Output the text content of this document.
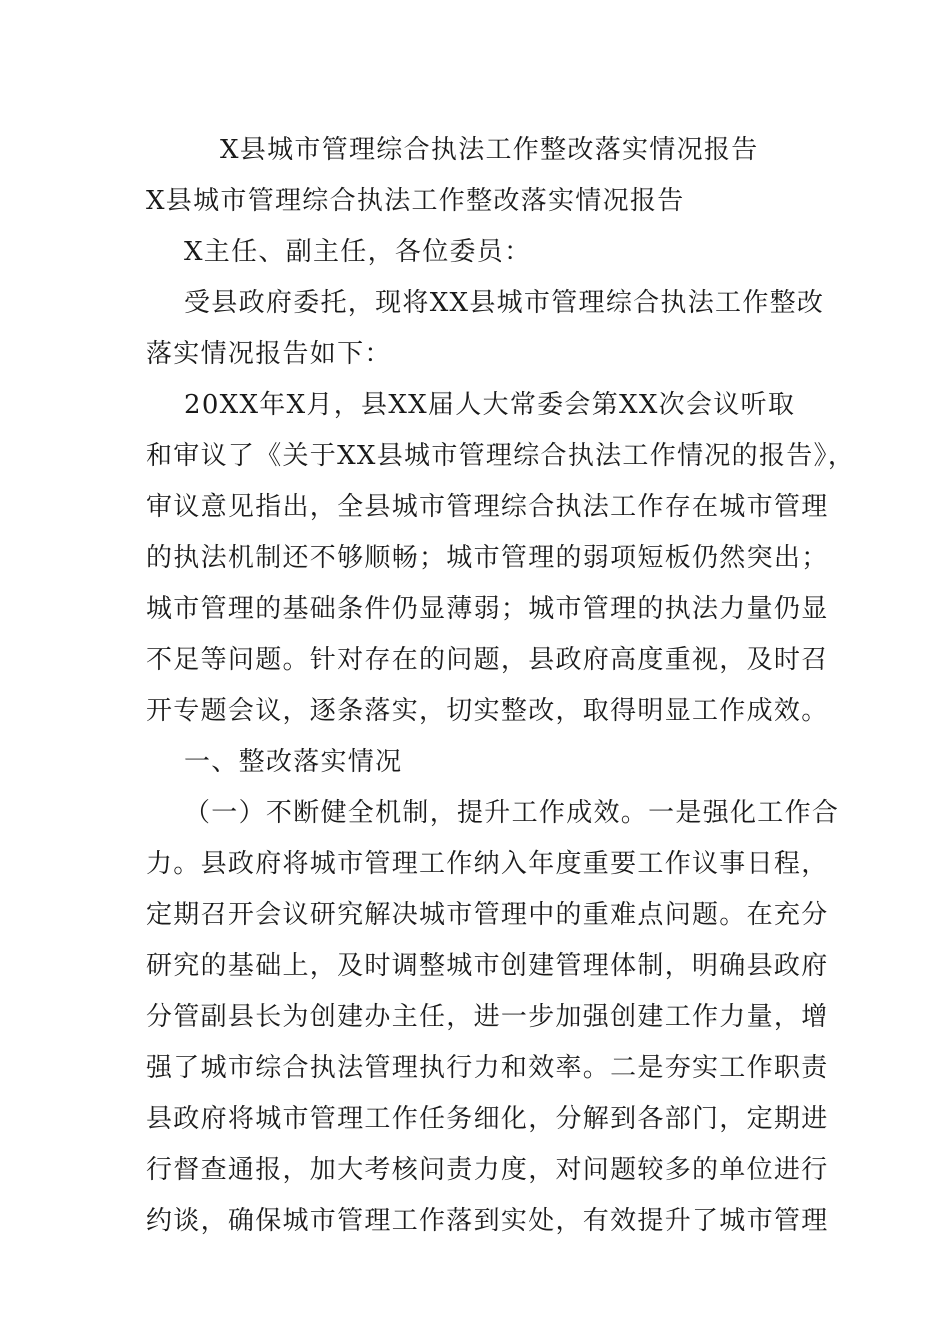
X县城市管理综合执法工作整改落实情况报告

X县城市管理综合执法工作整改落实情况报告

X主任、副主任，各位委员：

受县政府委托，现将XX县城市管理综合执法工作整改

落实情况报告如下：

20XX年X月，县XX届人大常委会第XX次会议听取

和审议了《关于XX县城市管理综合执法工作情况的报告》，

审议意见指出，全县城市管理综合执法工作存在城市管理

的执法机制还不够顺畅；城市管理的弱项短板仍然突出；

城市管理的基础条件仍显薄弱；城市管理的执法力量仍显

不足等问题。针对存在的问题，县政府高度重视，及时召

开专题会议，逐条落实，切实整改，取得明显工作成效。

一、整改落实情况

（一）不断健全机制，提升工作成效。一是强化工作合

力。县政府将城市管理工作纳入年度重要工作议事日程，

定期召开会议研究解决城市管理中的重难点问题。在充分

研究的基础上，及时调整城市创建管理体制，明确县政府

分管副县长为创建办主任，进一步加强创建工作力量，增

强了城市综合执法管理执行力和效率。二是夯实工作职责

县政府将城市管理工作任务细化，分解到各部门，定期进

行督查通报，加大考核问责力度，对问题较多的单位进行

约谈，确保城市管理工作落到实处，有效提升了城市管理
